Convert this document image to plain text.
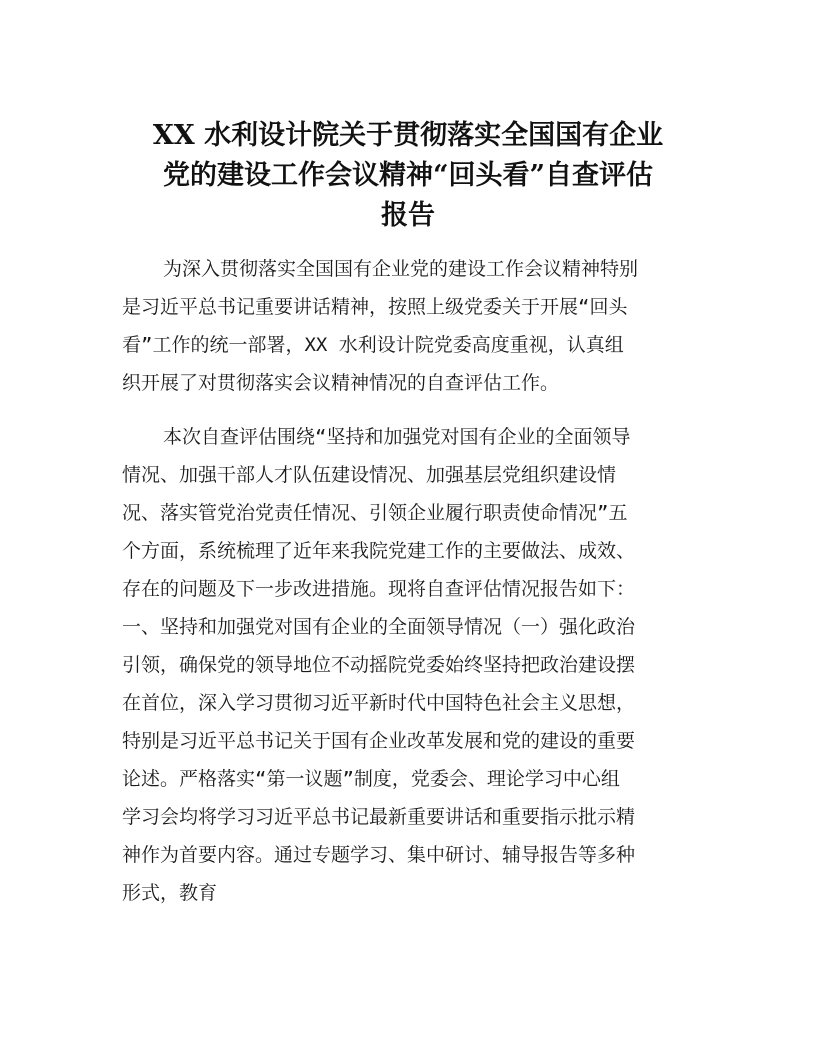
XX 水利设计院关于贯彻落实全国国有企业
党的建设工作会议精神“回头看”自查评估
报告
为深入贯彻落实全国国有企业党的建设工作会议精神特别
是习近平总书记重要讲话精神，按照上级党委关于开展“回头
看”工作的统一部署，XX 水利设计院党委高度重视，认真组
织开展了对贯彻落实会议精神情况的自查评估工作。
本次自查评估围绕“坚持和加强党对国有企业的全面领导
情况、加强干部人才队伍建设情况、加强基层党组织建设情
况、落实管党治党责任情况、引领企业履行职责使命情况”五
个方面，系统梳理了近年来我院党建工作的主要做法、成效、
存在的问题及下一步改进措施。现将自查评估情况报告如下：
一、坚持和加强党对国有企业的全面领导情况（一）强化政治
引领，确保党的领导地位不动摇院党委始终坚持把政治建设摆
在首位，深入学习贯彻习近平新时代中国特色社会主义思想，
特别是习近平总书记关于国有企业改革发展和党的建设的重要
论述。严格落实“第一议题”制度，党委会、理论学习中心组
学习会均将学习习近平总书记最新重要讲话和重要指示批示精
神作为首要内容。通过专题学习、集中研讨、辅导报告等多种
形式，教育
